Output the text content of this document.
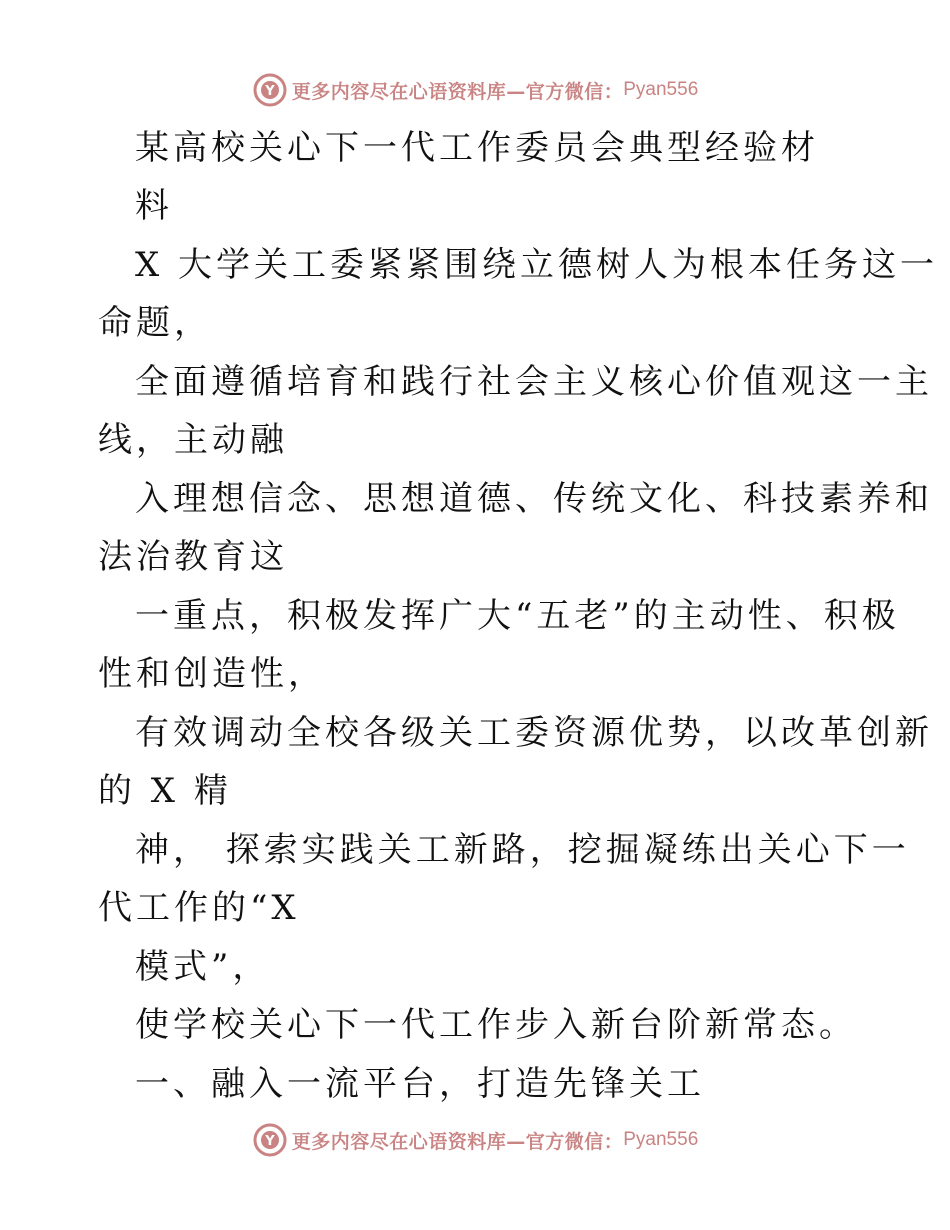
Y 更多内容尽在心语资料库—官方微信： Pyan556
某高校关心下一代工作委员会典型经验材
料
X 大学关工委紧紧围绕立德树人为根本任务这一
命题，
全面遵循培育和践行社会主义核心价值观这一主
线，主动融
入理想信念、思想道德、传统文化、科技素养和
法治教育这
一重点，积极发挥广大“五老”的主动性、积极
性和创造性，
有效调动全校各级关工委资源优势，以改革创新
的 X 精
神， 探索实践关工新路，挖掘凝练出关心下一
代工作的“X
模式”，
使学校关心下一代工作步入新台阶新常态。
一、融入一流平台，打造先锋关工
Y 更多内容尽在心语资料库—官方微信： Pyan556
